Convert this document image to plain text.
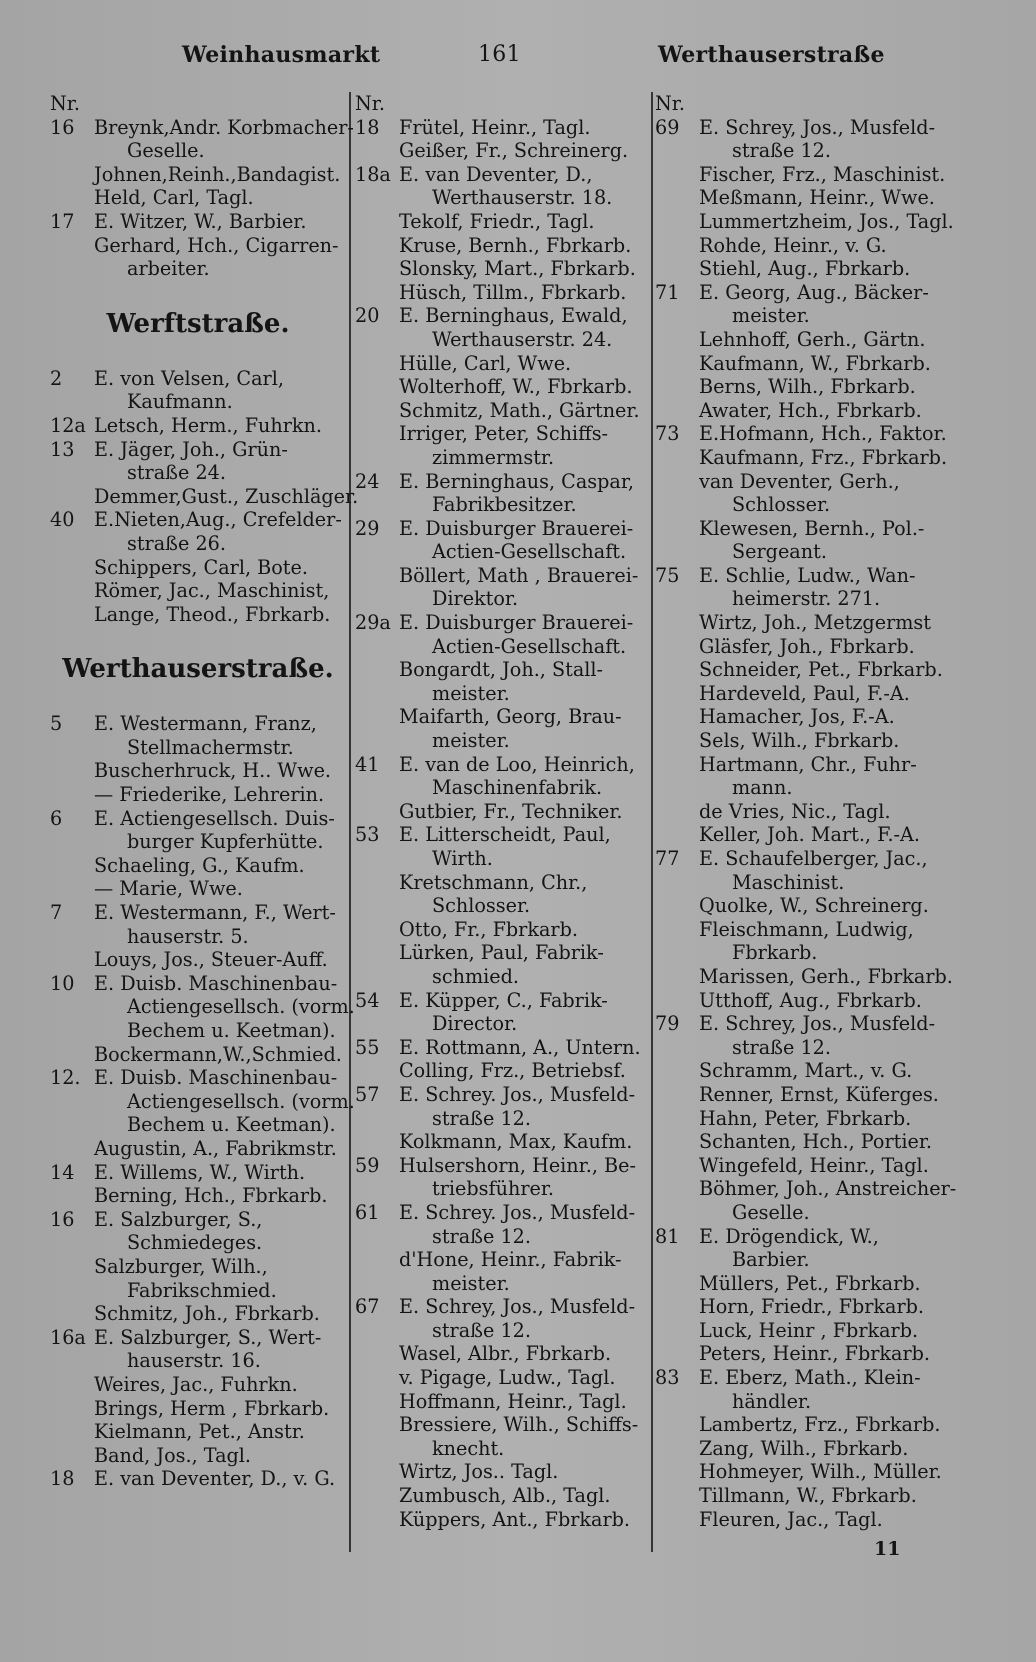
Weinhausmarkt	161	Werthauserstraße
Nr.
16 Breynk,Andr. Korbmacher-
Geselle.
Johnen,Reinh.,Bandagist.
Held, Carl, Tagl.
17 E. Witzer, W., Barbier.
Gerhard, Hch., Cigarren-
arbeiter.
Werftstraße.
2 E. von Velsen, Carl,
Kaufmann.
12a Letsch, Herm., Fuhrkn.
13 E. Jäger, Joh., Grün-
straße 24.
Demmer,Gust., Zuschläger.
40 E.Nieten,Aug., Crefelder-
straße 26.
Schippers, Carl, Bote.
Römer, Jac., Maschinist,
Lange, Theod., Fbrkarb.
Werthauserstraße.
5 E. Westermann, Franz,
Stellmachermstr.
Buscherhruck, H.. Wwe.
— Friederike, Lehrerin.
6 E. Actiengesellsch. Duis-
burger Kupferhütte.
Schaeling, G., Kaufm.
— Marie, Wwe.
7 E. Westermann, F., Wert-
hauserstr. 5.
Louys, Jos., Steuer-Auff.
10 E. Duisb. Maschinenbau-
Actiengesellsch. (vorm.
Bechem u. Keetman).
Bockermann,W.,Schmied.
12. E. Duisb. Maschinenbau-
Actiengesellsch. (vorm.
Bechem u. Keetman).
Augustin, A., Fabrikmstr.
14 E. Willems, W., Wirth.
Berning, Hch., Fbrkarb.
16 E. Salzburger, S.,
Schmiedeges.
Salzburger, Wilh.,
Fabrikschmied.
Schmitz, Joh., Fbrkarb.
16a E. Salzburger, S., Wert-
hauserstr. 16.
Weires, Jac., Fuhrkn.
Brings, Herm , Fbrkarb.
Kielmann, Pet., Anstr.
Band, Jos., Tagl.
18 E. van Deventer, D., v. G.
Nr.
18 Frütel, Heinr., Tagl.
Geißer, Fr., Schreinerg.
18a E. van Deventer, D.,
Werthauserstr. 18.
Tekolf, Friedr., Tagl.
Kruse, Bernh., Fbrkarb.
Slonsky, Mart., Fbrkarb.
Hüsch, Tillm., Fbrkarb.
20 E. Berninghaus, Ewald,
Werthauserstr. 24.
Hülle, Carl, Wwe.
Wolterhoff, W., Fbrkarb.
Schmitz, Math., Gärtner.
Irriger, Peter, Schiffs-
zimmermstr.
24 E. Berninghaus, Caspar,
Fabrikbesitzer.
29 E. Duisburger Brauerei-
Actien-Gesellschaft.
Böllert, Math , Brauerei-
Direktor.
29a E. Duisburger Brauerei-
Actien-Gesellschaft.
Bongardt, Joh., Stall-
meister.
Maifarth, Georg, Brau-
meister.
41 E. van de Loo, Heinrich,
Maschinenfabrik.
Gutbier, Fr., Techniker.
53 E. Litterscheidt, Paul,
Wirth.
Kretschmann, Chr.,
Schlosser.
Otto, Fr., Fbrkarb.
Lürken, Paul, Fabrik-
schmied.
54 E. Küpper, C., Fabrik-
Director.
55 E. Rottmann, A., Untern.
Colling, Frz., Betriebsf.
57 E. Schrey. Jos., Musfeld-
straße 12.
Kolkmann, Max, Kaufm.
59 Hulsershorn, Heinr., Be-
triebsführer.
61 E. Schrey. Jos., Musfeld-
straße 12.
d'Hone, Heinr., Fabrik-
meister.
67 E. Schrey, Jos., Musfeld-
straße 12.
Wasel, Albr., Fbrkarb.
v. Pigage, Ludw., Tagl.
Hoffmann, Heinr., Tagl.
Bressiere, Wilh., Schiffs-
knecht.
Wirtz, Jos.. Tagl.
Zumbusch, Alb., Tagl.
Küppers, Ant., Fbrkarb.
Nr.
69 E. Schrey, Jos., Musfeld-
straße 12.
Fischer, Frz., Maschinist.
Meßmann, Heinr., Wwe.
Lummertzheim, Jos., Tagl.
Rohde, Heinr., v. G.
Stiehl, Aug., Fbrkarb.
71 E. Georg, Aug., Bäcker-
meister.
Lehnhoff, Gerh., Gärtn.
Kaufmann, W., Fbrkarb.
Berns, Wilh., Fbrkarb.
Awater, Hch., Fbrkarb.
73 E.Hofmann, Hch., Faktor.
Kaufmann, Frz., Fbrkarb.
van Deventer, Gerh.,
Schlosser.
Klewesen, Bernh., Pol.-
Sergeant.
75 E. Schlie, Ludw., Wan-
heimerstr. 271.
Wirtz, Joh., Metzgermst
Gläsfer, Joh., Fbrkarb.
Schneider, Pet., Fbrkarb.
Hardeveld, Paul, F.-A.
Hamacher, Jos, F.-A.
Sels, Wilh., Fbrkarb.
Hartmann, Chr., Fuhr-
mann.
de Vries, Nic., Tagl.
Keller, Joh. Mart., F.-A.
77 E. Schaufelberger, Jac.,
Maschinist.
Quolke, W., Schreinerg.
Fleischmann, Ludwig,
Fbrkarb.
Marissen, Gerh., Fbrkarb.
Utthoff, Aug., Fbrkarb.
79 E. Schrey, Jos., Musfeld-
straße 12.
Schramm, Mart., v. G.
Renner, Ernst, Küferges.
Hahn, Peter, Fbrkarb.
Schanten, Hch., Portier.
Wingefeld, Heinr., Tagl.
Böhmer, Joh., Anstreicher-
Geselle.
81 E. Drögendick, W.,
Barbier.
Müllers, Pet., Fbrkarb.
Horn, Friedr., Fbrkarb.
Luck, Heinr , Fbrkarb.
Peters, Heinr., Fbrkarb.
83 E. Eberz, Math., Klein-
händler.
Lambertz, Frz., Fbrkarb.
Zang, Wilh., Fbrkarb.
Hohmeyer, Wilh., Müller.
Tillmann, W., Fbrkarb.
Fleuren, Jac., Tagl.
11
